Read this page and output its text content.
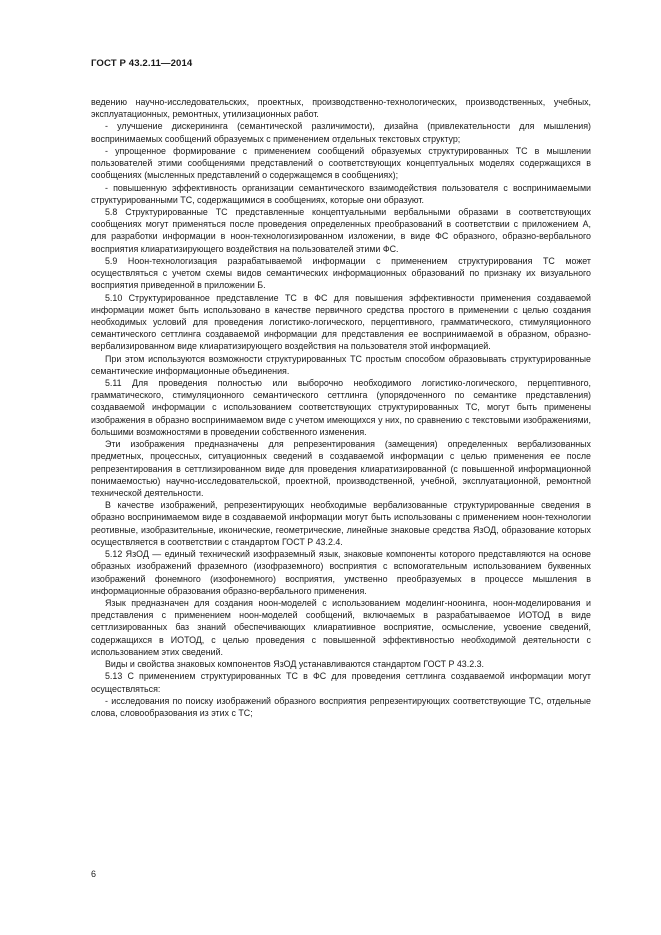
ГОСТ Р 43.2.11—2014

ведению научно-исследовательских, проектных, производственно-технологических, производственных, учебных, эксплуатационных, ремонтных, утилизационных работ.

- улучшение дискерининга (семантической различимости), дизайна (привлекательности для мышления) воспринимаемых сообщений образуемых с применением отдельных текстовых структур;

- упрощенное формирование с применением сообщений образуемых структурированных ТС в мышлении пользователей этими сообщениями представлений о соответствующих концептуальных моделях содержащихся в сообщениях (мысленных представлений о содержащемся в сообщениях);

- повышенную эффективность организации семантического взаимодействия пользователя с воспринимаемыми структурированными ТС, содержащимися в сообщениях, которые они образуют.

5.8 Структурированные ТС представленные концептуальными вербальными образами в соответствующих сообщениях могут применяться после проведения определенных преобразований в соответствии с приложением А, для разработки информации в ноон-технологизированном изложении, в виде ФС образного, образно-вербального восприятия клиаратизирующего воздействия на пользователей этими ФС.

5.9 Ноон-технологизация разрабатываемой информации с применением структурирования ТС может осуществляться с учетом схемы видов семантических информационных образований по признаку их визуального восприятия приведенной в приложении Б.

5.10 Структурированное представление ТС в ФС для повышения эффективности применения создаваемой информации может быть использовано в качестве первичного средства простого в применении с целью создания необходимых условий для проведения логистико-логического, перцептивного, грамматического, стимуляционного семантического сеттлинга создаваемой информации для представления ее воспринимаемой в образном, образно-вербализированном виде клиаратизирующего воздействия на пользователя этой информацией.

При этом используются возможности структурированных ТС простым способом образовывать структурированные семантические информационные объединения.

5.11 Для проведения полностью или выборочно необходимого логистико-логического, перцептивного, грамматического, стимуляционного семантического сеттлинга (упорядоченного по семантике представления) создаваемой информации с использованием соответствующих структурированных ТС, могут быть применены изображения в образно воспринимаемом виде с учетом имеющихся у них, по сравнению с текстовыми изображениями, большими возможностями в проведении собственного изменения.

Эти изображения предназначены для репрезентирования (замещения) определенных вербализованных предметных, процессных, ситуационных сведений в создаваемой информации с целью применения ее после репрезентирования в сеттлизированном виде для проведения клиаратизированной (с повышенной информационной понимаемостью) научно-исследовательской, проектной, производственной, учебной, эксплуатационной, ремонтной технической деятельности.

В качестве изображений, репрезентирующих необходимые вербализованные структурированные сведения в образно воспринимаемом виде в создаваемой информации могут быть использованы с применением ноон-технологии реотивные, изобразительные, иконические, геометрические, линейные знаковые средства ЯзОД, образование которых осуществляется в соответствии с стандартом ГОСТ Р 43.2.4.

5.12 ЯзОД — единый технический изофраземный язык, знаковые компоненты которого представляются на основе образных изображений фраземного (изофраземного) восприятия с вспомогательным использованием буквенных изображений фонемного (изофонемного) восприятия, умственно преобразуемых в процессе мышления в информационные образования образно-вербального применения.

Язык предназначен для создания ноон-моделей с использованием моделинг-ноонинга, ноон-моделирования и представления с применением ноон-моделей сообщений, включаемых в разрабатываемое ИОТОД в виде сеттлизированных баз знаний обеспечивающих клиаратиивное восприятие, осмысление, усвоение сведений, содержащихся в ИОТОД, с целью проведения с повышенной эффективностью необходимой деятельности с использованием этих сведений.

Виды и свойства знаковых компонентов ЯзОД устанавливаются стандартом ГОСТ Р 43.2.3.

5.13 С применением структурированных ТС в ФС для проведения сеттлинга создаваемой информации могут осуществляться:

- исследования по поиску изображений образного восприятия репрезентирующих соответствующие ТС, отдельные слова, словообразования из этих с ТС;

6
